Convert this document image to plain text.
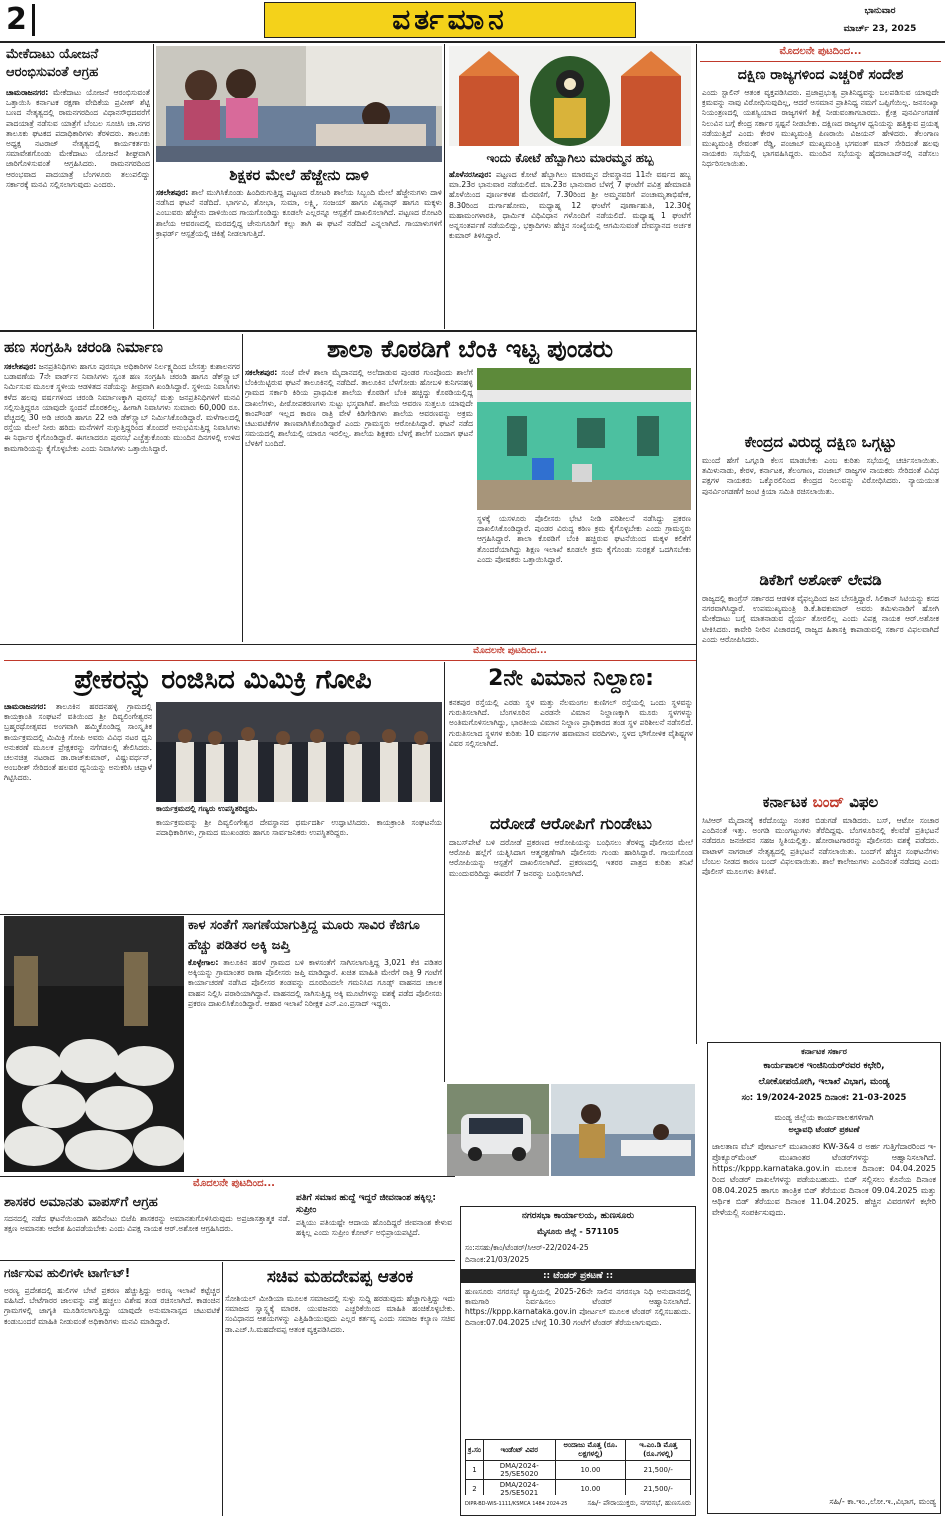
2	ವರ್ತಮಾನ	ಭಾನುವಾರ
ಮಾರ್ಚ್ 23, 2025
ಮೇಕೆದಾಟು ಯೋಜನೆ ಆರಂಭಿಸುವಂತೆ ಆಗ್ರಹ
ಚಾಮರಾಜನಗರ: ಮೇಕೆದಾಟು ಯೋಜನೆ ಆರಂಭಿಸುವಂತೆ ಒತ್ತಾಯಿಸಿ ಕರ್ನಾಟಕ ರಕ್ಷಣಾ ವೇದಿಕೆಯ ಪ್ರವೀಣ್ ಶೆಟ್ಟಿ ಬಣದ ನೇತೃತ್ವದಲ್ಲಿ ರಾಮನಗರದಿಂದ ವಿಧಾನಸೌಧದವರೆಗೆ ಪಾದಯಾತ್ರೆ ನಡೆಸುವ ಯಾತ್ರೆಗೆ ಬೆಂಬಲ ಸೂಚಿಸಿ ಚಾ.ನಗರ ತಾಲೂಕು ಘಟಕದ ಪದಾಧಿಕಾರಿಗಳು ತೆರಳಿದರು. ತಾಲೂಕು ಅಧ್ಯಕ್ಷ ನಟರಾಜ್ ನೇತೃತ್ವದಲ್ಲಿ ಕಾರ್ಯಕರ್ತರು ಸಮಾವೇಶಗೊಂಡು ಮೇಕೆದಾಟು ಯೋಜನೆ ಶೀಘ್ರವಾಗಿ ಜಾರಿಗೊಳಿಸುವಂತೆ ಆಗ್ರಹಿಸಿದರು. ರಾಮನಗರದಿಂದ ಆರಂಭವಾದ ಪಾದಯಾತ್ರೆ ಬೆಂಗಳೂರು ತಲುಪಲಿದ್ದು ಸರ್ಕಾರಕ್ಕೆ ಮನವಿ ಸಲ್ಲಿಸಲಾಗುವುದು ಎಂದರು.
ಶಿಕ್ಷಕರ ಮೇಲೆ ಹೆಜ್ಜೇನು ದಾಳಿ
ಸಕಲೇಶಪುರ: ಶಾಲೆ ಮುಗಿಸಿಕೊಂಡು ಹಿಂದಿರುಗುತ್ತಿದ್ದ ಪಟ್ಟಣದ ರೋಟರಿ ಶಾಲೆಯ ಸಿಬ್ಬಂದಿ ಮೇಲೆ ಹೆಜ್ಜೇನುಗಳು ದಾಳಿ ನಡೆಸಿದ ಘಟನೆ ನಡೆದಿದೆ. ಭಾರ್ಗವಿ, ಶೋಭಾ, ಸುಮಾ, ಲಕ್ಷ್ಮಿ, ಸಂಜಯ್ ಹಾಗೂ ವಿಶ್ವನಾಥ್ ಹಾಗೂ ಮಕ್ಕಳು ಎಂಬುವರು ಹೆಜ್ಜೇನು ದಾಳಿಯಿಂದ ಗಾಯಗೊಂಡಿದ್ದು ಕೂಡಲೇ ಎಲ್ಲರನ್ನೂ ಆಸ್ಪತ್ರೆಗೆ ದಾಖಲಿಸಲಾಗಿದೆ. ಪಟ್ಟಣದ ರೋಟರಿ ಶಾಲೆಯ ಆವರಣದಲ್ಲಿ ಮರದಲ್ಲಿದ್ದ ಜೇನುಗೂಡಿಗೆ ಕಲ್ಲು ತಾಗಿ ಈ ಘಟನೆ ನಡೆದಿದೆ ಎನ್ನಲಾಗಿದೆ. ಗಾಯಾಳುಗಳಿಗೆ ಕ್ರಾಫರ್ಡ್ ಆಸ್ಪತ್ರೆಯಲ್ಲಿ ಚಿಕಿತ್ಸೆ ನೀಡಲಾಗುತ್ತಿದೆ.
ಇಂದು ಕೋಟೆ ಹೆಬ್ಬಾಗಿಲು ಮಾರಮ್ಮನ ಹಬ್ಬ
ಹೊಳೆನರಸೀಪುರ: ಪಟ್ಟಣದ ಕೋಟೆ ಹೆಬ್ಬಾಗಿಲು ಮಾರಮ್ಮನ ದೇವಸ್ಥಾನದ 11ನೇ ವರ್ಷದ ಹಬ್ಬ ಮಾ.23ರ ಭಾನುವಾರ ನಡೆಯಲಿದೆ. ಮಾ.23ರ ಭಾನುವಾರ ಬೆಳಗ್ಗೆ 7 ಘಂಟೆಗೆ ಪವಿತ್ರ ಹೇಮಾವತಿ ಹೊಳೆಯಿಂದ ಪೂರ್ಣಕಳಶ ಮೆರವಣಿಗೆ, 7.30ರಿಂದ ಶ್ರೀ ಅಮ್ಮನವರಿಗೆ ಪಂಚಾಮೃತಾಭಿಷೇಕ, 8.30ರಿಂದ ದುರ್ಗಾಹೋಮ, ಮಧ್ಯಾಹ್ನ 12 ಘಂಟೆಗೆ ಪೂರ್ಣಾಹುತಿ, 12.30ಕ್ಕೆ ಮಹಾಮಂಗಳಾರತಿ, ಧಾರ್ಮಿಕ ವಿಧಿವಿಧಾನ ಗಳೊಂದಿಗೆ ನಡೆಯಲಿದೆ. ಮಧ್ಯಾಹ್ನ 1 ಘಂಟೆಗೆ ಅನ್ನಸಂತರ್ಪಣೆ ನಡೆಯಲಿದ್ದು, ಭಕ್ತಾದಿಗಳು ಹೆಚ್ಚಿನ ಸಂಖ್ಯೆಯಲ್ಲಿ ಆಗಮಿಸುವಂತೆ ದೇವಸ್ಥಾನದ ಅರ್ಚಕ ಕುಮಾರ್ ತಿಳಿಸಿದ್ದಾರೆ.
ಮೊದಲನೇ ಪುಟದಿಂದ...
ದಕ್ಷಿಣ ರಾಜ್ಯಗಳಿಂದ ಎಚ್ಚರಿಕೆ ಸಂದೇಶ
ಎಂದು ಸ್ಟಾಲಿನ್ ಆತಂಕ ವ್ಯಕ್ತಪಡಿಸಿದರು. ಪ್ರಜಾಪ್ರಭುತ್ವ ಪ್ರಾತಿನಿಧ್ಯವನ್ನು ಬಲಪಡಿಸುವ ಯಾವುದೇ ಕ್ರಮವನ್ನು ನಾವು ವಿರೋಧಿಸುವುದಿಲ್ಲ, ಆದರೆ ಅಸಮಾನ ಪ್ರಾತಿನಿಧ್ಯ ನಮಗೆ ಒಪ್ಪಿಗೆಯಿಲ್ಲ. ಜನಸಂಖ್ಯಾ ನಿಯಂತ್ರಣದಲ್ಲಿ ಯಶಸ್ವಿಯಾದ ರಾಜ್ಯಗಳಿಗೆ ಶಿಕ್ಷೆ ನೀಡುವಂತಾಗಬಾರದು. ಕ್ಷೇತ್ರ ಪುನರ್ವಿಂಗಡಣೆ ನಿಲುವಿನ ಬಗ್ಗೆ ಕೇಂದ್ರ ಸರ್ಕಾರ ಸ್ಪಷ್ಟನೆ ನೀಡಬೇಕು. ದಕ್ಷಿಣದ ರಾಜ್ಯಗಳ ಧ್ವನಿಯನ್ನು ಹತ್ತಿಕ್ಕುವ ಪ್ರಯತ್ನ ನಡೆಯುತ್ತಿದೆ ಎಂದು ಕೇರಳ ಮುಖ್ಯಮಂತ್ರಿ ಪಿಣರಾಯಿ ವಿಜಯನ್ ಹೇಳಿದರು. ತೆಲಂಗಾಣ ಮುಖ್ಯಮಂತ್ರಿ ರೇವಂತ್ ರೆಡ್ಡಿ, ಪಂಜಾಬ್ ಮುಖ್ಯಮಂತ್ರಿ ಭಗವಂತ್ ಮಾನ್ ಸೇರಿದಂತೆ ಹಲವು ನಾಯಕರು ಸಭೆಯಲ್ಲಿ ಭಾಗವಹಿಸಿದ್ದರು. ಮುಂದಿನ ಸಭೆಯನ್ನು ಹೈದರಾಬಾದ್‌ನಲ್ಲಿ ನಡೆಸಲು ನಿರ್ಧರಿಸಲಾಯಿತು.
ಕೇಂದ್ರದ ವಿರುದ್ಧ ದಕ್ಷಿಣ ಒಗ್ಗಟ್ಟು
ಮುಂದೆ ಹೇಗೆ ಒಗ್ಗೂಡಿ ಕೆಲಸ ಮಾಡಬೇಕು ಎಂಬ ಕುರಿತು ಸಭೆಯಲ್ಲಿ ಚರ್ಚಿಸಲಾಯಿತು. ತಮಿಳುನಾಡು, ಕೇರಳ, ಕರ್ನಾಟಕ, ತೆಲಂಗಾಣ, ಪಂಜಾಬ್ ರಾಜ್ಯಗಳ ನಾಯಕರು ಸೇರಿದಂತೆ ವಿವಿಧ ಪಕ್ಷಗಳ ನಾಯಕರು ಒಕ್ಕೊರಲಿನಿಂದ ಕೇಂದ್ರದ ನಿಲುವನ್ನು ವಿರೋಧಿಸಿದರು. ನ್ಯಾಯಯುತ ಪುನರ್ವಿಂಗಡಣೆಗೆ ಜಂಟಿ ಕ್ರಿಯಾ ಸಮಿತಿ ರಚಿಸಲಾಯಿತು.
ಡಿಕೆಶಿಗೆ ಅಶೋಕ್ ಲೇವಡಿ
ರಾಜ್ಯದಲ್ಲಿ ಕಾಂಗ್ರೆಸ್ ಸರ್ಕಾರದ ಆಡಳಿತ ವೈಫಲ್ಯದಿಂದ ಜನ ಬೇಸತ್ತಿದ್ದಾರೆ. ಸಿಲಿಕಾನ್ ಸಿಟಿಯನ್ನು ಕಸದ ನಗರವಾಗಿಸಿದ್ದಾರೆ. ಉಪಮುಖ್ಯಮಂತ್ರಿ ಡಿ.ಕೆ.ಶಿವಕುಮಾರ್ ಅವರು ತಮಿಳುನಾಡಿಗೆ ಹೋಗಿ ಮೇಕೆದಾಟು ಬಗ್ಗೆ ಮಾತನಾಡುವ ಧೈರ್ಯ ತೋರಲಿಲ್ಲ ಎಂದು ವಿಪಕ್ಷ ನಾಯಕ ಆರ್.ಅಶೋಕ ಟೀಕಿಸಿದರು. ಕಾವೇರಿ ನೀರಿನ ವಿಚಾರದಲ್ಲಿ ರಾಜ್ಯದ ಹಿತಾಸಕ್ತಿ ಕಾಪಾಡುವಲ್ಲಿ ಸರ್ಕಾರ ವಿಫಲವಾಗಿದೆ ಎಂದು ಆರೋಪಿಸಿದರು.
ಕರ್ನಾಟಕ ಬಂದ್ ವಿಫಲ
ಸಿಟಿಆರ್ ಮೈದಾನಕ್ಕೆ ಕರೆದೊಯ್ದು ನಂತರ ಬಿಡುಗಡೆ ಮಾಡಿದರು. ಬಸ್, ಆಟೋ ಸಂಚಾರ ಎಂದಿನಂತೆ ಇತ್ತು. ಅಂಗಡಿ ಮುಂಗಟ್ಟುಗಳು ತೆರೆದಿದ್ದವು. ಬೆಂಗಳೂರಿನಲ್ಲಿ ಕೆಲವೆಡೆ ಪ್ರತಿಭಟನೆ ನಡೆದರೂ ಜನಜೀವನ ಸಹಜ ಸ್ಥಿತಿಯಲ್ಲಿತ್ತು. ಹೋರಾಟಗಾರರನ್ನು ಪೊಲೀಸರು ವಶಕ್ಕೆ ಪಡೆದರು. ವಾಟಾಳ್ ನಾಗರಾಜ್ ನೇತೃತ್ವದಲ್ಲಿ ಪ್ರತಿಭಟನೆ ನಡೆಸಲಾಯಿತು. ಬಂದ್‌ಗೆ ಹೆಚ್ಚಿನ ಸಂಘಟನೆಗಳು ಬೆಂಬಲ ನೀಡದ ಕಾರಣ ಬಂದ್ ವಿಫಲವಾಯಿತು. ಶಾಲೆ ಕಾಲೇಜುಗಳು ಎಂದಿನಂತೆ ನಡೆದವು ಎಂದು ಪೊಲೀಸ್ ಮೂಲಗಳು ತಿಳಿಸಿವೆ.
ಹಣ ಸಂಗ್ರಹಿಸಿ ಚರಂಡಿ ನಿರ್ಮಾಣ
ಸಕಲೇಶಪುರ: ಜನಪ್ರತಿನಿಧಿಗಳು ಹಾಗೂ ಪುರಸಭಾ ಅಧಿಕಾರಿಗಳ ನಿರ್ಲಕ್ಷ್ಯದಿಂದ ಬೇಸತ್ತು ಕುಶಾಲನಗರ ಬಡಾವಣೆಯ 7ನೇ ವಾರ್ಡ್‌ನ ನಿವಾಸಿಗಳು ಸ್ವಂತ ಹಣ ಸಂಗ್ರಹಿಸಿ ಚರಂಡಿ ಹಾಗೂ ಡೆಕ್‌ಸ್ಲ್ಯಾಬ್ ನಿರ್ಮಿಸುವ ಮೂಲಕ ಸ್ಥಳೀಯ ಆಡಳಿತದ ನಡೆಯನ್ನು ತೀವ್ರವಾಗಿ ಖಂಡಿಸಿದ್ದಾರೆ. ಸ್ಥಳೀಯ ನಿವಾಸಿಗಳು ಕಳೆದ ಹಲವು ವರ್ಷಗಳಿಂದ ಚರಂಡಿ ನಿರ್ಮಾಣಕ್ಕಾಗಿ ಪುರಸಭೆ ಮತ್ತು ಜನಪ್ರತಿನಿಧಿಗಳಿಗೆ ಮನವಿ ಸಲ್ಲಿಸುತ್ತಿದ್ದರೂ ಯಾವುದೇ ಸ್ಪಂದನೆ ದೊರಕಲಿಲ್ಲ. ಹೀಗಾಗಿ ನಿವಾಸಿಗಳು ಸುಮಾರು 60,000 ರೂ. ವೆಚ್ಚದಲ್ಲಿ 30 ಅಡಿ ಚರಂಡಿ ಹಾಗೂ 22 ಅಡಿ ಡೆಕ್‌ಸ್ಲ್ಯಾಬ್ ನಿರ್ಮಿಸಿಕೊಂಡಿದ್ದಾರೆ. ಮಳೆಗಾಲದಲ್ಲಿ ರಸ್ತೆಯ ಮೇಲೆ ನೀರು ಹರಿದು ಮನೆಗಳಿಗೆ ನುಗ್ಗುತ್ತಿದ್ದರಿಂದ ತೊಂದರೆ ಅನುಭವಿಸುತ್ತಿದ್ದ ನಿವಾಸಿಗಳು ಈ ನಿರ್ಧಾರ ಕೈಗೊಂಡಿದ್ದಾರೆ. ಈಗಲಾದರೂ ಪುರಸಭೆ ಎಚ್ಚೆತ್ತುಕೊಂಡು ಮುಂದಿನ ದಿನಗಳಲ್ಲಿ ಉಳಿದ ಕಾಮಗಾರಿಯನ್ನು ಕೈಗೊಳ್ಳಬೇಕು ಎಂದು ನಿವಾಸಿಗಳು ಒತ್ತಾಯಿಸಿದ್ದಾರೆ.
ಶಾಲಾ ಕೊಠಡಿಗೆ ಬೆಂಕಿ ಇಟ್ಟ ಪುಂಡರು
ಸಕಲೇಶಪುರ: ಸಂಜೆ ವೇಳೆ ಶಾಲಾ ಮೈದಾನದಲ್ಲಿ ಅಲೆದಾಡುವ ಪುಂಡರ ಗುಂಪೊಂದು ಶಾಲೆಗೆ ಬೆಂಕಿಯಿಟ್ಟಿರುವ ಘಟನೆ ತಾಲೂಕಿನಲ್ಲಿ ನಡೆದಿದೆ. ತಾಲೂಕಿನ ಬೆಳಗೋಡು ಹೋಬಳಿ ಕುನಿಗನಹಳ್ಳಿ ಗ್ರಾಮದ ಸರ್ಕಾರಿ ಕಿರಿಯ ಪ್ರಾಥಮಿಕ ಶಾಲೆಯ ಕೊಠಡಿಗೆ ಬೆಂಕಿ ಹಚ್ಚಿದ್ದು ಕೊಠಡಿಯಲ್ಲಿದ್ದ ದಾಖಲೆಗಳು, ಪೀಠೋಪಕರಣಗಳು ಸುಟ್ಟು ಭಸ್ಮವಾಗಿವೆ. ಶಾಲೆಯ ಆವರಣ ಸುತ್ತಲೂ ಯಾವುದೇ ಕಾಂಪೌಂಡ್ ಇಲ್ಲದ ಕಾರಣ ರಾತ್ರಿ ವೇಳೆ ಕಿಡಿಗೇಡಿಗಳು ಶಾಲೆಯ ಆವರಣವನ್ನು ಅಕ್ರಮ ಚಟುವಟಿಕೆಗಳ ತಾಣವಾಗಿಸಿಕೊಂಡಿದ್ದಾರೆ ಎಂದು ಗ್ರಾಮಸ್ಥರು ಆರೋಪಿಸಿದ್ದಾರೆ. ಘಟನೆ ನಡೆದ ಸಮಯದಲ್ಲಿ ಶಾಲೆಯಲ್ಲಿ ಯಾರೂ ಇರಲಿಲ್ಲ. ಶಾಲೆಯ ಶಿಕ್ಷಕರು ಬೆಳಗ್ಗೆ ಶಾಲೆಗೆ ಬಂದಾಗ ಘಟನೆ ಬೆಳಕಿಗೆ ಬಂದಿದೆ.
ಸ್ಥಳಕ್ಕೆ ಯಸಳೂರು ಪೊಲೀಸರು ಭೇಟಿ ನೀಡಿ ಪರಿಶೀಲನೆ ನಡೆಸಿದ್ದು ಪ್ರಕರಣ ದಾಖಲಿಸಿಕೊಂಡಿದ್ದಾರೆ. ಪುಂಡರ ವಿರುದ್ಧ ಕಠಿಣ ಕ್ರಮ ಕೈಗೊಳ್ಳಬೇಕು ಎಂದು ಗ್ರಾಮಸ್ಥರು ಆಗ್ರಹಿಸಿದ್ದಾರೆ. ಶಾಲಾ ಕೊಠಡಿಗೆ ಬೆಂಕಿ ಹಚ್ಚಿರುವ ಘಟನೆಯಿಂದ ಮಕ್ಕಳ ಕಲಿಕೆಗೆ ತೊಂದರೆಯಾಗಿದ್ದು ಶಿಕ್ಷಣ ಇಲಾಖೆ ಕೂಡಲೇ ಕ್ರಮ ಕೈಗೊಂಡು ಸುರಕ್ಷತೆ ಒದಗಿಸಬೇಕು ಎಂದು ಪೋಷಕರು ಒತ್ತಾಯಿಸಿದ್ದಾರೆ.
ಮೊದಲನೇ ಪುಟದಿಂದ...
ಪ್ರೇಕರನ್ನು ರಂಜಿಸಿದ ಮಿಮಿಕ್ರಿ ಗೋಪಿ
ಚಾಮರಾಜನಗರ: ತಾಲೂಕಿನ ಹರದನಹಳ್ಳಿ ಗ್ರಾಮದಲ್ಲಿ ಕಾಯಕ್ರಾಂತಿ ಸಂಘಟನೆ ವತಿಯಿಂದ ಶ್ರೀ ದಿವ್ಯಲಿಂಗೇಶ್ವರನ ಬ್ರಹ್ಮರಥೋತ್ಸವದ ಅಂಗವಾಗಿ ಹಮ್ಮಿಕೊಂಡಿದ್ದ ಸಾಂಸ್ಕೃತಿಕ ಕಾರ್ಯಕ್ರಮದಲ್ಲಿ ಮಿಮಿಕ್ರಿ ಗೋಪಿ ಅವರು ವಿವಿಧ ನಟರ ಧ್ವನಿ ಅನುಕರಣೆ ಮೂಲಕ ಪ್ರೇಕ್ಷಕರನ್ನು ನಗೆಗಡಲಲ್ಲಿ ತೇಲಿಸಿದರು. ಚಲನಚಿತ್ರ ನಟರಾದ ಡಾ.ರಾಜ್‌ಕುಮಾರ್, ವಿಷ್ಣುವರ್ಧನ್, ಅಂಬರೀಶ್ ಸೇರಿದಂತೆ ಹಲವರ ಧ್ವನಿಯನ್ನು ಅನುಕರಿಸಿ ಚಪ್ಪಾಳೆ ಗಿಟ್ಟಿಸಿದರು.
ಕಾರ್ಯಕ್ರಮದಲ್ಲಿ ಗಣ್ಯರು ಉಪಸ್ಥಿತರಿದ್ದರು.
ಕಾರ್ಯಕ್ರಮವನ್ನು ಶ್ರೀ ದಿವ್ಯಲಿಂಗೇಶ್ವರ ದೇವಸ್ಥಾನದ ಧರ್ಮದರ್ಶಿ ಉದ್ಘಾಟಿಸಿದರು. ಕಾಯಕ್ರಾಂತಿ ಸಂಘಟನೆಯ ಪದಾಧಿಕಾರಿಗಳು, ಗ್ರಾಮದ ಮುಖಂಡರು ಹಾಗೂ ಸಾರ್ವಜನಿಕರು ಉಪಸ್ಥಿತರಿದ್ದರು.
2ನೇ ವಿಮಾನ ನಿಲ್ದಾಣ:
ಕನಕಪುರ ರಸ್ತೆಯಲ್ಲಿ ಎರಡು ಸ್ಥಳ ಮತ್ತು ನೆಲಮಂಗಲ ಕುಣಿಗಲ್ ರಸ್ತೆಯಲ್ಲಿ ಒಂದು ಸ್ಥಳವನ್ನು ಗುರುತಿಸಲಾಗಿದೆ. ಬೆಂಗಳೂರಿನ ಎರಡನೇ ವಿಮಾನ ನಿಲ್ದಾಣಕ್ಕಾಗಿ ಮೂರು ಸ್ಥಳಗಳನ್ನು ಅಂತಿಮಗೊಳಿಸಲಾಗಿದ್ದು, ಭಾರತೀಯ ವಿಮಾನ ನಿಲ್ದಾಣ ಪ್ರಾಧಿಕಾರದ ತಂಡ ಸ್ಥಳ ಪರಿಶೀಲನೆ ನಡೆಸಲಿದೆ. ಗುರುತಿಸಲಾದ ಸ್ಥಳಗಳ ಕುರಿತು 10 ವರ್ಷಗಳ ಹವಾಮಾನ ವರದಿಗಳು, ಸ್ಥಳದ ಭೌಗೋಳಿಕ ವೈಶಿಷ್ಟ್ಯಗಳ ವಿವರ ಸಲ್ಲಿಸಲಾಗಿದೆ.
ದರೋಡೆ ಆರೋಪಿಗೆ ಗುಂಡೇಟು
ದಾಬಸ್‌ಪೇಟೆ ಬಳಿ ದರೋಡೆ ಪ್ರಕರಣದ ಆರೋಪಿಯನ್ನು ಬಂಧಿಸಲು ತೆರಳಿದ್ದ ಪೊಲೀಸರ ಮೇಲೆ ಆರೋಪಿ ಹಲ್ಲೆಗೆ ಯತ್ನಿಸಿದಾಗ ಆತ್ಮರಕ್ಷಣೆಗಾಗಿ ಪೊಲೀಸರು ಗುಂಡು ಹಾರಿಸಿದ್ದಾರೆ. ಗಾಯಗೊಂಡ ಆರೋಪಿಯನ್ನು ಆಸ್ಪತ್ರೆಗೆ ದಾಖಲಿಸಲಾಗಿದೆ. ಪ್ರಕರಣದಲ್ಲಿ ಇತರರ ಪಾತ್ರದ ಕುರಿತು ತನಿಖೆ ಮುಂದುವರಿದಿದ್ದು ಈವರೆಗೆ 7 ಜನರನ್ನು ಬಂಧಿಸಲಾಗಿದೆ.
ಕಾಳ ಸಂತೆಗೆ ಸಾಗಣೆಯಾಗುತ್ತಿದ್ದ ಮೂರು ಸಾವಿರ ಕೆಜಿಗೂ ಹೆಚ್ಚು ಪಡಿತರ ಅಕ್ಕಿ ಜಪ್ತಿ
ಕೊಳ್ಳೇಗಾಲ: ತಾಲೂಕಿನ ಹರಳೆ ಗ್ರಾಮದ ಬಳಿ ಕಾಳಸಂತೆಗೆ ಸಾಗಿಸಲಾಗುತ್ತಿದ್ದ 3,021 ಕೆಜಿ ಪಡಿತರ ಅಕ್ಕಿಯನ್ನು ಗ್ರಾಮಾಂತರ ಠಾಣಾ ಪೊಲೀಸರು ಜಪ್ತಿ ಮಾಡಿದ್ದಾರೆ. ಖಚಿತ ಮಾಹಿತಿ ಮೇರೆಗೆ ರಾತ್ರಿ 9 ಗಂಟೆಗೆ ಕಾರ್ಯಾಚರಣೆ ನಡೆಸಿದ ಪೊಲೀಸರ ತಂಡವನ್ನು ದೂರದಿಂದಲೇ ಗಮನಿಸಿದ ಗೂಡ್ಸ್ ವಾಹನದ ಚಾಲಕ ವಾಹನ ನಿಲ್ಲಿಸಿ ಪರಾರಿಯಾಗಿದ್ದಾನೆ. ವಾಹನದಲ್ಲಿ ಸಾಗಿಸುತ್ತಿದ್ದ ಅಕ್ಕಿ ಮೂಟೆಗಳನ್ನು ವಶಕ್ಕೆ ಪಡೆದ ಪೊಲೀಸರು ಪ್ರಕರಣ ದಾಖಲಿಸಿಕೊಂಡಿದ್ದಾರೆ. ಆಹಾರ ಇಲಾಖೆ ನಿರೀಕ್ಷಕ ಎನ್.ಎಂ.ಪ್ರಸಾದ್ ಇದ್ದರು.
ಮೊದಲನೇ ಪುಟದಿಂದ...
ಶಾಸಕರ ಅಮಾನತು ವಾಪಸ್‌ಗೆ ಆಗ್ರಹ
ಸದನದಲ್ಲಿ ನಡೆದ ಘಟನೆಯಿಂದಾಗಿ ಹದಿನೆಂಟು ಬಿಜೆಪಿ ಶಾಸಕರನ್ನು ಅಮಾನತುಗೊಳಿಸಿರುವುದು ಅಪ್ರಜಾಸತ್ತಾತ್ಮಕ ನಡೆ. ತಕ್ಷಣ ಅಮಾನತು ಆದೇಶ ಹಿಂಪಡೆಯಬೇಕು ಎಂದು ವಿಪಕ್ಷ ನಾಯಕ ಆರ್.ಅಶೋಕ ಆಗ್ರಹಿಸಿದರು.
ಪತಿಗೆ ಸಮಾನ ಹುದ್ದೆ ಇದ್ದರೆ ಜೀವನಾಂಶ ಹಕ್ಕಿಲ್ಲ: ಸುಪ್ರೀಂ
ಪತ್ನಿಯು ಪತಿಯಷ್ಟೇ ಆದಾಯ ಹೊಂದಿದ್ದರೆ ಜೀವನಾಂಶ ಕೇಳುವ ಹಕ್ಕಿಲ್ಲ ಎಂದು ಸುಪ್ರೀಂ ಕೋರ್ಟ್ ಅಭಿಪ್ರಾಯಪಟ್ಟಿದೆ.
ಗರ್ಜಿಸುವ ಹುಲಿಗಳೇ ಟಾರ್ಗೆಟ್!
ಅರಣ್ಯ ಪ್ರದೇಶದಲ್ಲಿ ಹುಲಿಗಳ ಬೇಟೆ ಪ್ರಕರಣ ಹೆಚ್ಚುತ್ತಿದ್ದು ಅರಣ್ಯ ಇಲಾಖೆ ಕಟ್ಟೆಚ್ಚರ ವಹಿಸಿದೆ. ಬೇಟೆಗಾರರ ಜಾಲವನ್ನು ಪತ್ತೆ ಹಚ್ಚಲು ವಿಶೇಷ ತಂಡ ರಚಿಸಲಾಗಿದೆ. ಕಾಡಂಚಿನ ಗ್ರಾಮಗಳಲ್ಲಿ ಜಾಗೃತಿ ಮೂಡಿಸಲಾಗುತ್ತಿದ್ದು ಯಾವುದೇ ಅನುಮಾನಾಸ್ಪದ ಚಟುವಟಿಕೆ ಕಂಡುಬಂದರೆ ಮಾಹಿತಿ ನೀಡುವಂತೆ ಅಧಿಕಾರಿಗಳು ಮನವಿ ಮಾಡಿದ್ದಾರೆ.
ಸಚಿವ ಮಹದೇವಪ್ಪ ಆತಂಕ
ಸೋಶಿಯಲ್ ಮೀಡಿಯಾ ಮೂಲಕ ಸಮಾಜದಲ್ಲಿ ಸುಳ್ಳು ಸುದ್ದಿ ಹರಡುವುದು ಹೆಚ್ಚಾಗುತ್ತಿದ್ದು ಇದು ಸಮಾಜದ ಸ್ವಾಸ್ಥ್ಯಕ್ಕೆ ಮಾರಕ. ಯುವಜನರು ಎಚ್ಚರಿಕೆಯಿಂದ ಮಾಹಿತಿ ಹಂಚಿಕೊಳ್ಳಬೇಕು. ಸಂವಿಧಾನದ ಆಶಯಗಳನ್ನು ಎತ್ತಿಹಿಡಿಯುವುದು ಎಲ್ಲರ ಕರ್ತವ್ಯ ಎಂದು ಸಮಾಜ ಕಲ್ಯಾಣ ಸಚಿವ ಡಾ.ಎಚ್.ಸಿ.ಮಹದೇವಪ್ಪ ಆತಂಕ ವ್ಯಕ್ತಪಡಿಸಿದರು.
ಕರ್ನಾಟಕ ಸರ್ಕಾರ
ಕಾರ್ಯಪಾಲಕ ಇಂಜಿನಿಯರ್‌ರವರ ಕಛೇರಿ,
ಲೋಕೋಪಯೋಗಿ, ಇಲಾಖೆ ವಿಭಾಗ, ಮಂಡ್ಯ
ಸಂ: 19/2024-2025 ದಿನಾಂಕ: 21-03-2025
ಮಂಡ್ಯ ಜಿಲ್ಲೆಯ ಕಾರ್ಯಪಾಲಕಗಳಿಗಾಗಿ
ಅಲ್ಪಾವಧಿ ಟೆಂಡರ್ ಪ್ರಕಟಣೆ
ಜಾಲತಾಣ ವೆಬ್ ಪೋರ್ಟಲ್ ಮುಖಾಂತರ KW-3&4 ರ ಅರ್ಹ ಗುತ್ತಿಗೆದಾರರಿಂದ ಇ-ಪ್ರೊಕ್ಯೂರ್‌ಮೆಂಟ್ ಮುಖಾಂತರ ಟೆಂಡರ್‌ಗಳನ್ನು ಆಹ್ವಾನಿಸಲಾಗಿದೆ. https://kppp.karnataka.gov.in ಮೂಲಕ ದಿನಾಂಕ: 04.04.2025 ರಿಂದ ಟೆಂಡರ್ ದಾಖಲೆಗಳನ್ನು ಪಡೆಯಬಹುದು. ಬಿಡ್ ಸಲ್ಲಿಸಲು ಕೊನೆಯ ದಿನಾಂಕ 08.04.2025 ಹಾಗೂ ತಾಂತ್ರಿಕ ಬಿಡ್ ತೆರೆಯುವ ದಿನಾಂಕ 09.04.2025 ಮತ್ತು ಆರ್ಥಿಕ ಬಿಡ್ ತೆರೆಯುವ ದಿನಾಂಕ 11.04.2025. ಹೆಚ್ಚಿನ ವಿವರಗಳಿಗೆ ಕಛೇರಿ ವೇಳೆಯಲ್ಲಿ ಸಂಪರ್ಕಿಸುವುದು.
ಸಹಿ/- ಕಾ.ಇಂ.,ಲೋ.ಇ.,ವಿಭಾಗ, ಮಂಡ್ಯ
ನಗರಸಭಾ ಕಾರ್ಯಾಲಯ, ಹುಣಸೂರು
ಮೈಸೂರು ಜಿಲ್ಲೆ - 571105
ಸಂ:ನಸಹು/ಕಾಂ/ಟೆಂಡರ್/ಸಿಆರ್-22/2024-25
ದಿನಾಂಕ:21/03/2025
:: ಟೆಂಡರ್ ಪ್ರಕಟಣೆ ::
ಹುಣಸೂರು ನಗರಸಭೆ ವ್ಯಾಪ್ತಿಯಲ್ಲಿ 2025-26ನೇ ಸಾಲಿನ ನಗರಸಭಾ ನಿಧಿ ಅನುದಾನದಲ್ಲಿ ಕಾಮಗಾರಿ ನಿರ್ವಹಿಸಲು ಟೆಂಡರ್ ಆಹ್ವಾನಿಸಲಾಗಿದೆ. https://kppp.karnataka.gov.in ಪೋರ್ಟಲ್ ಮೂಲಕ ಟೆಂಡರ್ ಸಲ್ಲಿಸಬಹುದು. ದಿನಾಂಕ:07.04.2025 ಬೆಳಿಗ್ಗೆ 10.30 ಗಂಟೆಗೆ ಟೆಂಡರ್ ತೆರೆಯಲಾಗುವುದು.
ಕ್ರ.ಸಂ	ಇಂಡೆಂಟ್ ವಿವರ	ಅಂದಾಜು ಮೊತ್ತ (ರೂ. ಲಕ್ಷಗಳಲ್ಲಿ)	ಇ.ಎಂ.ಡಿ ಮೊತ್ತ (ರೂ.ಗಳಲ್ಲಿ)
1	DMA/2024-25/SE5020	10.00	21,500/-
2	DMA/2024-25/SE5021	10.00	21,500/-
DIPR-BD-WIS-1111/KSMCA 1484 2024-25	ಸಹಿ/- ಪೌರಾಯುಕ್ತರು, ನಗರಸಭೆ, ಹುಣಸೂರು
